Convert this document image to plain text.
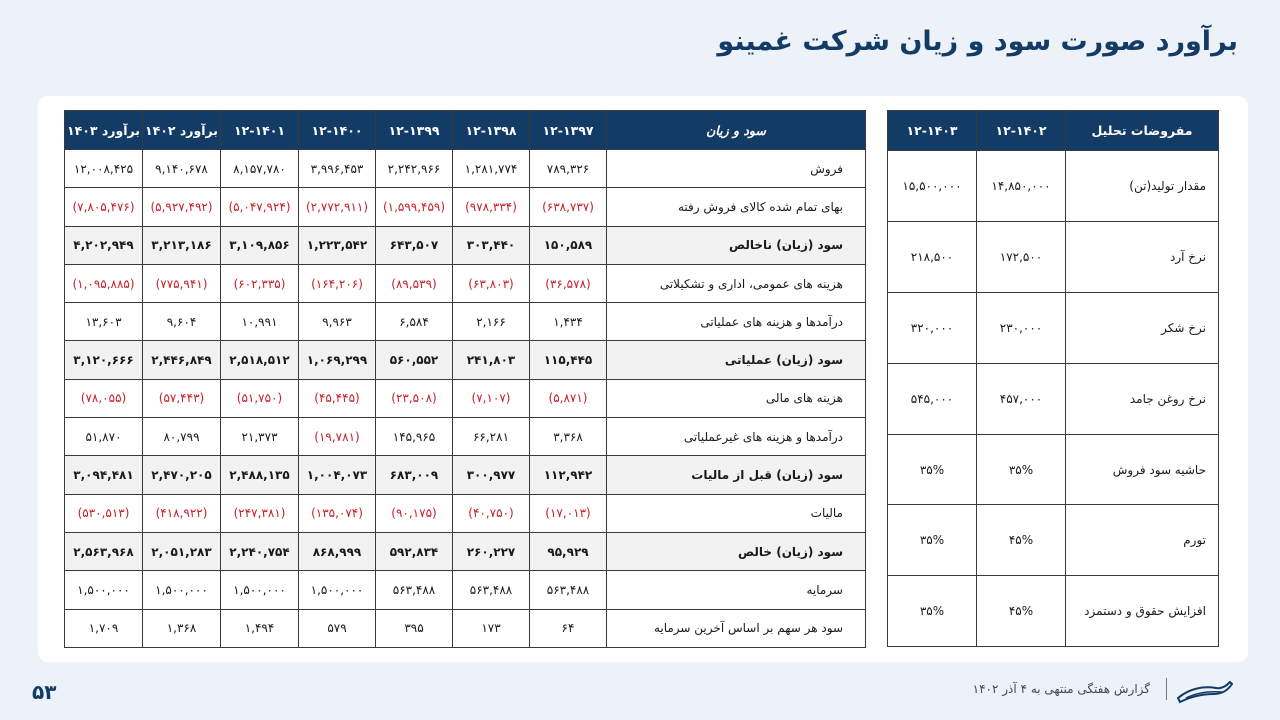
برآورد صورت سود و زیان شرکت غمینو
سود و زیان	۱۲-۱۳۹۷	۱۲-۱۳۹۸	۱۲-۱۳۹۹	۱۲-۱۴۰۰	۱۲-۱۴۰۱	برآورد ۱۴۰۲	برآورد ۱۴۰۳
فروش	۷۸۹,۳۲۶	۱,۲۸۱,۷۷۴	۲,۲۴۲,۹۶۶	۳,۹۹۶,۴۵۳	۸,۱۵۷,۷۸۰	۹,۱۴۰,۶۷۸	۱۲,۰۰۸,۴۲۵
بهای تمام شده کالای فروش رفته	(۶۳۸,۷۳۷)	(۹۷۸,۳۳۴)	(۱,۵۹۹,۴۵۹)	(۲,۷۷۲,۹۱۱)	(۵,۰۴۷,۹۲۴)	(۵,۹۲۷,۴۹۲)	(۷,۸۰۵,۴۷۶)
سود (زیان) ناخالص	۱۵۰,۵۸۹	۳۰۳,۴۴۰	۶۴۳,۵۰۷	۱,۲۲۳,۵۴۲	۳,۱۰۹,۸۵۶	۳,۲۱۳,۱۸۶	۴,۲۰۲,۹۴۹
هزینه های عمومی، اداری و تشکیلاتی	(۳۶,۵۷۸)	(۶۳,۸۰۳)	(۸۹,۵۳۹)	(۱۶۴,۲۰۶)	(۶۰۲,۳۳۵)	(۷۷۵,۹۴۱)	(۱,۰۹۵,۸۸۵)
درآمدها و هزینه های عملیاتی	۱,۴۳۴	۲,۱۶۶	۶,۵۸۴	۹,۹۶۳	۱۰,۹۹۱	۹,۶۰۴	۱۳,۶۰۳
سود (زیان) عملیاتی	۱۱۵,۴۴۵	۲۴۱,۸۰۳	۵۶۰,۵۵۲	۱,۰۶۹,۲۹۹	۲,۵۱۸,۵۱۲	۲,۴۴۶,۸۴۹	۳,۱۲۰,۶۶۶
هزینه های مالی	(۵,۸۷۱)	(۷,۱۰۷)	(۲۳,۵۰۸)	(۴۵,۴۴۵)	(۵۱,۷۵۰)	(۵۷,۴۴۳)	(۷۸,۰۵۵)
درآمدها و هزینه های غیرعملیاتی	۳,۳۶۸	۶۶,۲۸۱	۱۴۵,۹۶۵	(۱۹,۷۸۱)	۲۱,۳۷۳	۸۰,۷۹۹	۵۱,۸۷۰
سود (زیان) قبل از مالیات	۱۱۲,۹۴۲	۳۰۰,۹۷۷	۶۸۳,۰۰۹	۱,۰۰۴,۰۷۳	۲,۴۸۸,۱۳۵	۲,۴۷۰,۲۰۵	۳,۰۹۴,۴۸۱
مالیات	(۱۷,۰۱۳)	(۴۰,۷۵۰)	(۹۰,۱۷۵)	(۱۳۵,۰۷۴)	(۲۴۷,۳۸۱)	(۴۱۸,۹۲۲)	(۵۳۰,۵۱۳)
سود (زیان) خالص	۹۵,۹۲۹	۲۶۰,۲۲۷	۵۹۲,۸۳۴	۸۶۸,۹۹۹	۲,۲۴۰,۷۵۴	۲,۰۵۱,۲۸۳	۲,۵۶۳,۹۶۸
سرمایه	۵۶۳,۴۸۸	۵۶۳,۴۸۸	۵۶۳,۴۸۸	۱,۵۰۰,۰۰۰	۱,۵۰۰,۰۰۰	۱,۵۰۰,۰۰۰	۱,۵۰۰,۰۰۰
سود هر سهم بر اساس آخرین سرمایه	۶۴	۱۷۳	۳۹۵	۵۷۹	۱,۴۹۴	۱,۳۶۸	۱,۷۰۹
مفروضات تحلیل	۱۲-۱۴۰۲	۱۲-۱۴۰۳
مقدار تولید(تن)	۱۴,۸۵۰,۰۰۰	۱۵,۵۰۰,۰۰۰
نرخ آرد	۱۷۲,۵۰۰	۲۱۸,۵۰۰
نرخ شکر	۲۳۰,۰۰۰	۳۲۰,۰۰۰
نرخ روغن جامد	۴۵۷,۰۰۰	۵۴۵,۰۰۰
حاشیه سود فروش	۳۵%	۳۵%
تورم	۴۵%	۳۵%
افزایش حقوق و دستمزد	۴۵%	۳۵%
۵۳	گزارش هفتگی منتهی به ۴ آذر ۱۴۰۲
